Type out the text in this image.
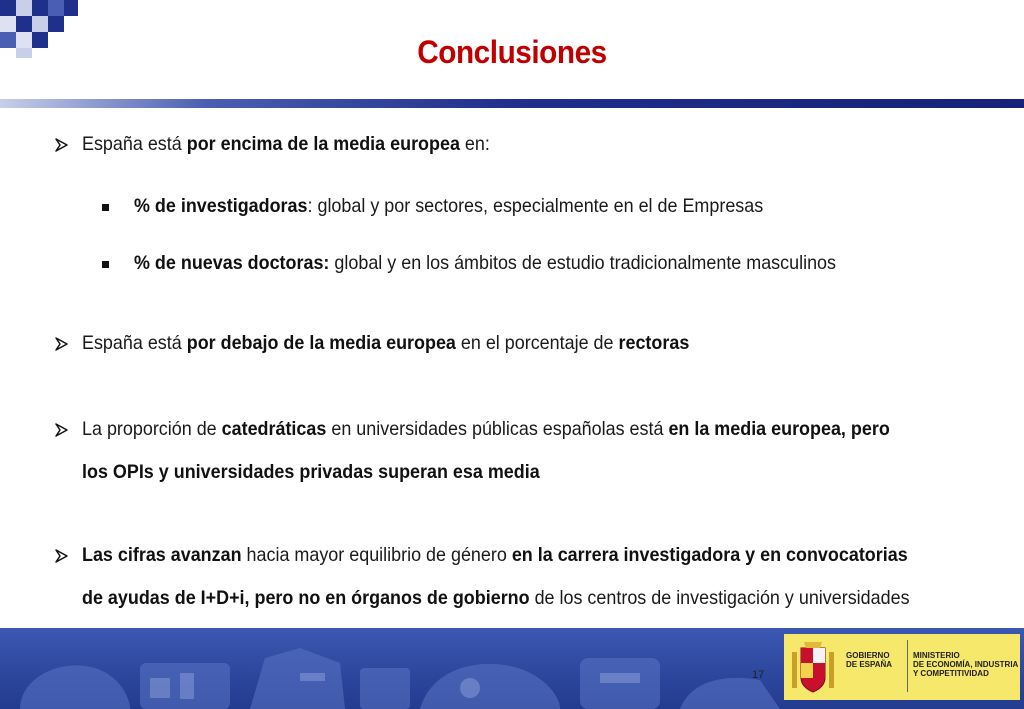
Conclusiones
España está por encima de la media europea en:
% de investigadoras: global y por sectores, especialmente en el de Empresas
% de nuevas doctoras: global y en los ámbitos de estudio tradicionalmente masculinos
España está por debajo de la media europea en el porcentaje de rectoras
La proporción de catedráticas en universidades públicas españolas está en la media europea, pero
los OPIs y universidades privadas superan esa media
Las cifras avanzan hacia mayor equilibrio de género en la carrera investigadora y en convocatorias
de ayudas de I+D+i, pero no en órganos de gobierno de los centros de investigación y universidades
17
GOBIERNO
DE ESPAÑA
MINISTERIO
DE ECONOMÍA, INDUSTRIA
Y COMPETITIVIDAD
